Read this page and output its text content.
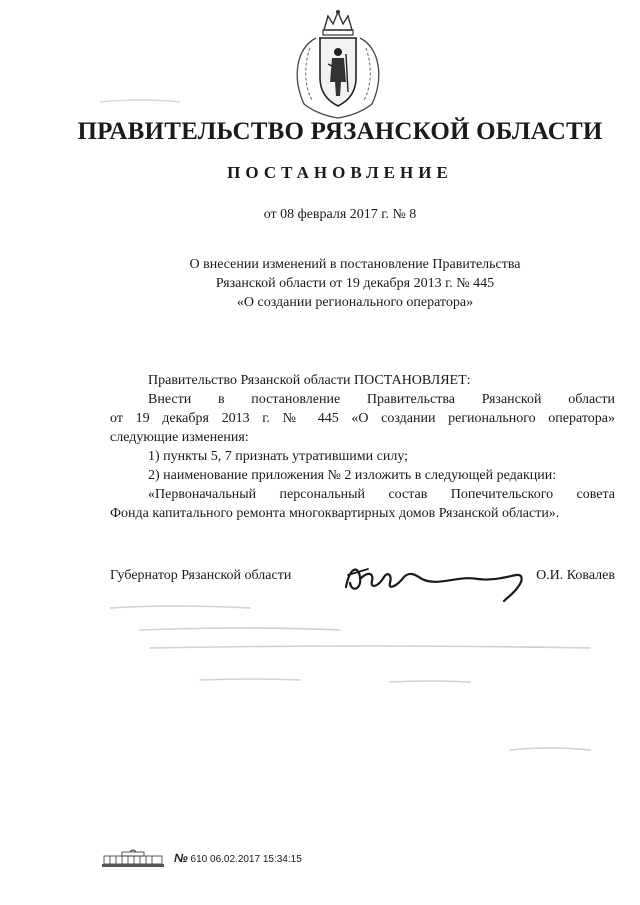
ПРАВИТЕЛЬСТВО РЯЗАНСКОЙ ОБЛАСТИ
ПОСТАНОВЛЕНИЕ
от 08 февраля 2017 г. № 8
О внесении изменений в постановление Правительства
Рязанской области от 19 декабря 2013 г. № 445
«О создании регионального оператора»

Правительство Рязанской области ПОСТАНОВЛЯЕТ:

Внести в постановление Правительства Рязанской области

от 19 декабря 2013 г. № 445 «О создании регионального оператора»

следующие изменения:

1) пункты 5, 7 признать утратившими силу;

2) наименование приложения № 2 изложить в следующей редакции:

«Первоначальный персональный состав Попечительского совета

Фонда капитального ремонта многоквартирных домов Рязанской области».

Губернатор Рязанской области	О.И. Ковалев
№ 610 06.02.2017 15:34:15
